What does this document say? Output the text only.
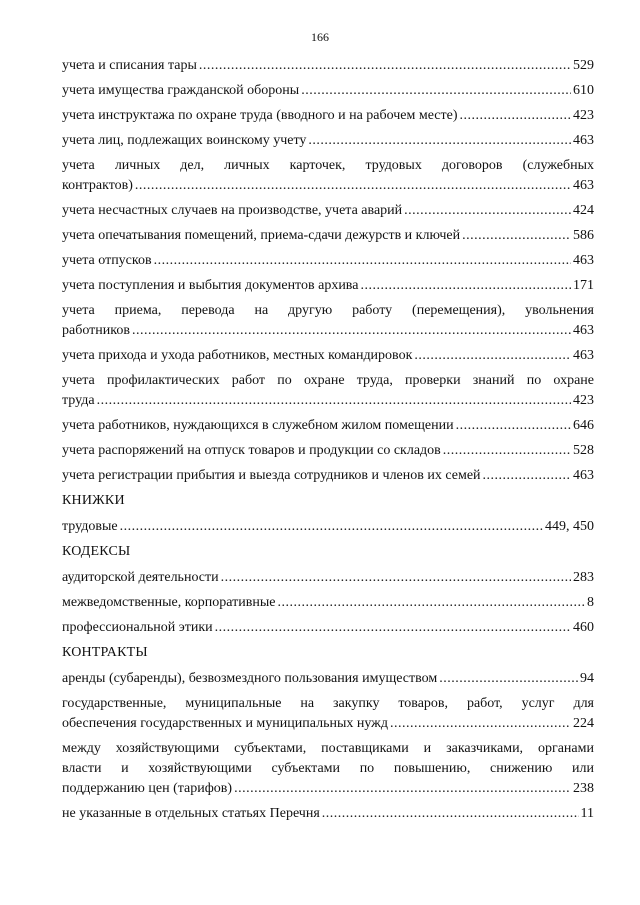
166
учета и списания тары .....	529
учета имущества гражданской обороны .....	610
учета инструктажа по охране труда (вводного и на рабочем месте) .....	423
учета лиц, подлежащих воинскому учету .....	463
учета личных дел, личных карточек, трудовых договоров (служебных
контрактов) .....	463
учета несчастных случаев на производстве, учета аварий .....	424
учета опечатывания помещений, приема-сдачи дежурств и ключей .....	586
учета отпусков .....	463
учета поступления и выбытия документов архива .....	171
учета приема, перевода на другую работу (перемещения), увольнения
работников .....	463
учета прихода и ухода работников, местных командировок .....	463
учета профилактических работ по охране труда, проверки знаний по охране
труда .....	423
учета работников, нуждающихся в служебном жилом помещении .....	646
учета распоряжений на отпуск товаров и продукции со складов .....	528
учета регистрации прибытия и выезда сотрудников и членов их семей .....	463
КНИЖКИ
трудовые .....	449, 450
КОДЕКСЫ
аудиторской деятельности .....	283
межведомственные, корпоративные .....	8
профессиональной этики .....	460
КОНТРАКТЫ
аренды (субаренды), безвозмездного пользования имуществом .....	94
государственные, муниципальные на закупку товаров, работ, услуг для
обеспечения государственных и муниципальных нужд .....	224
между хозяйствующими субъектами, поставщиками и заказчиками, органами
власти и хозяйствующими субъектами по повышению, снижению или
поддержанию цен (тарифов) .....	238
не указанные в отдельных статьях Перечня .....	11
